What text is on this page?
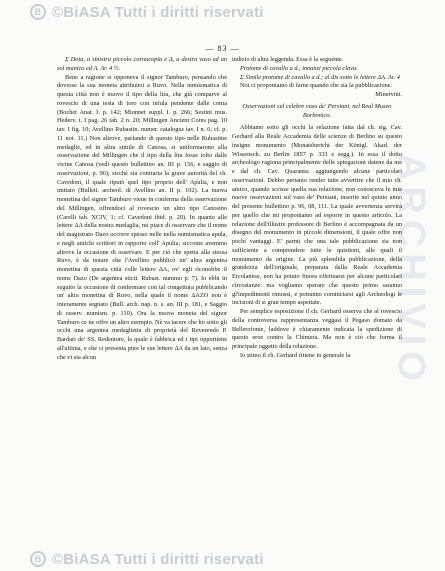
B ©BiASA Tutti i diritti riservati
ARCHIVIO
— 83 —

Σ Dota, a sinistra piccolo cornucopia e Δ, a destra vaso ed un sol manico ed A. Ar. 4 ½.

Bene a ragione si opponeva il signor Tamburo, pensando che dovesse la sua moneta attribuirsi a Ruvo. Nella numismatica di questa città non è nuovo il tipo della lira, che già comparve al rovescio di una testa di toro con infula pendente dalle corna (Bochet Anat. I. p. 142; Mionnet suppl. I. p. 266; Sestini mus. Hederv. t. I pag. 26 tab. 2 n. 20; Millingen Ancient Coins pag. 10 tav. I fig. 10; Avellino Rubastin. numer. catalogus tav. I n. 6; cf. p. 11 not. 11.) Non altrove, parlando di questo tipo nelle Rubastine medaglie, ed in altra simile di Canosa, si uniformarono alla osservazione del Millingen che il tipo della lira fosse tolto dalle vicine Canosa (vedi questo bullettino an. III p. 156, e saggio di osservazioni, p. 96); sicchè sia contraria la grave autorità del ch. Cavedoni, il quale riputò quel tipo proprio dell' Apulia, e non imitato (Bullett. archeol. di Avellino an. II p. 102). La nuova monetina del signor Tamburo viene in conferma della osservazione del Millingen, offrendoci al rovescio un altro tipo Canosino (Carelli tab. XCIV, 1; cf. Cavedoni ibid. p. 20). In quanto alle lettere ΔA della nostra medaglia, mi piace di osservare che il nome del magistrato Dazo occorre spesso nelle nella numismatica apula, e negli antichi scrittori in rapporto coll' Apulia; siccome avemmo altrove la occasione di osservare. E per ciò che spetta alla stessa Ruvo, è da notare che l'Avellino pubblicò un' altra argentea monetina di questa città colle lettere ΔA, ov' egli riconobbe il nome Dazo (De argentea sticti. Rubast. nummo p. 7). Io ebbi in seguito la occasione di confermare con tal congettura pubblicando un' altra monetina di Ruvo, nella quale il nome ΔAZO non è interamente segnato (Bull. arch. nap. n. s. an. III p. 181, e Saggio di osserv. numism. p. 110). Ora la nuova moneta del signor Tamburo ce ne offre un altro esempio. Nè va tacere che ho sotto gli occhi una argentea medaglietta di proprietà del Reverendo P. Bardari de' SS. Redentore, la quale è fabbrica ed i tipi opportiene all'ultima, e che ci presenta pure le sue lettere ΔA da un lato, senza che vi sia alcun

indizio di altra leggenda. Essa è la seguente.

Protome di cavallo a d., innanzi piccola clava.

Σ Simile protome di cavallo a d.; al dis sotto le lettere ΔA. Ar. 4

Noi ci proponiamo di farne quando che sia la pubblicazione.

Minervini.

Osservazioni sul celebre vaso de' Persiani, nel Real Museo Borbonico.

Abbiamo sotto gli occhi la relazione fatta dal ch. sig. Cav. Gerhard alla Reale Accademia delle scienze di Berlino su questo insigne monumento (Monatsbericht der Königl. Akad. der Wissensch. zu Berlin 1857 p. 333 e segg.). In essa il dotto archeologo ragiona principalmente delle spiegazioni datene da me e dal ch. Cav. Quaranta: aggiungendo alcune particolari osservazioni. Debbo pertanto render tutte avvertire che il mio ch. amico, quando scrisse quella sua relazione, non conosceva le mie nuove osservazioni sul vaso de' Persiani, inserite nel quinto anno del presente bullettino p. 96, 08, 111. La quale avvertenza servirà per quello che mi proponiamo ad esporre in questo articolo. La relazione dell'illustre professore di Berlino è accompagnata da un disegno del monumento in piccole dimensioni, il quale offre non pochi vantaggi. E' parmi che una tale pubblicazione sia non sufficiente a comprendere tutte le quistioni, alle quali il monumento da origine. La più splendida pubblicazione, della grandezza dell'originale, preparata dalla Reale Accademia Ercolanese, non ha potuto finora effettuarsi per alcune particolari circostanze: ma vogliamo sperare che questo primo saranno gl'impedimenti rimossi, e potranno cominciarsi agli Archeologi le incisioni di sì gran tempo aspettate.

Per semplice esposizione il ch. Gerhard osserva che al rovescio della controversa rappresentanza veggasi il Pegaso domato da Bellerofonte, laddove è chiaramente indicata la spedizione di questo eroe contro la Chimera. Ma non è ciò che forma il principale oggetto della relazione.

Io stimo il ch. Gerhard ritiene in generale la

B ©BiASA Tutti i diritti riservati
